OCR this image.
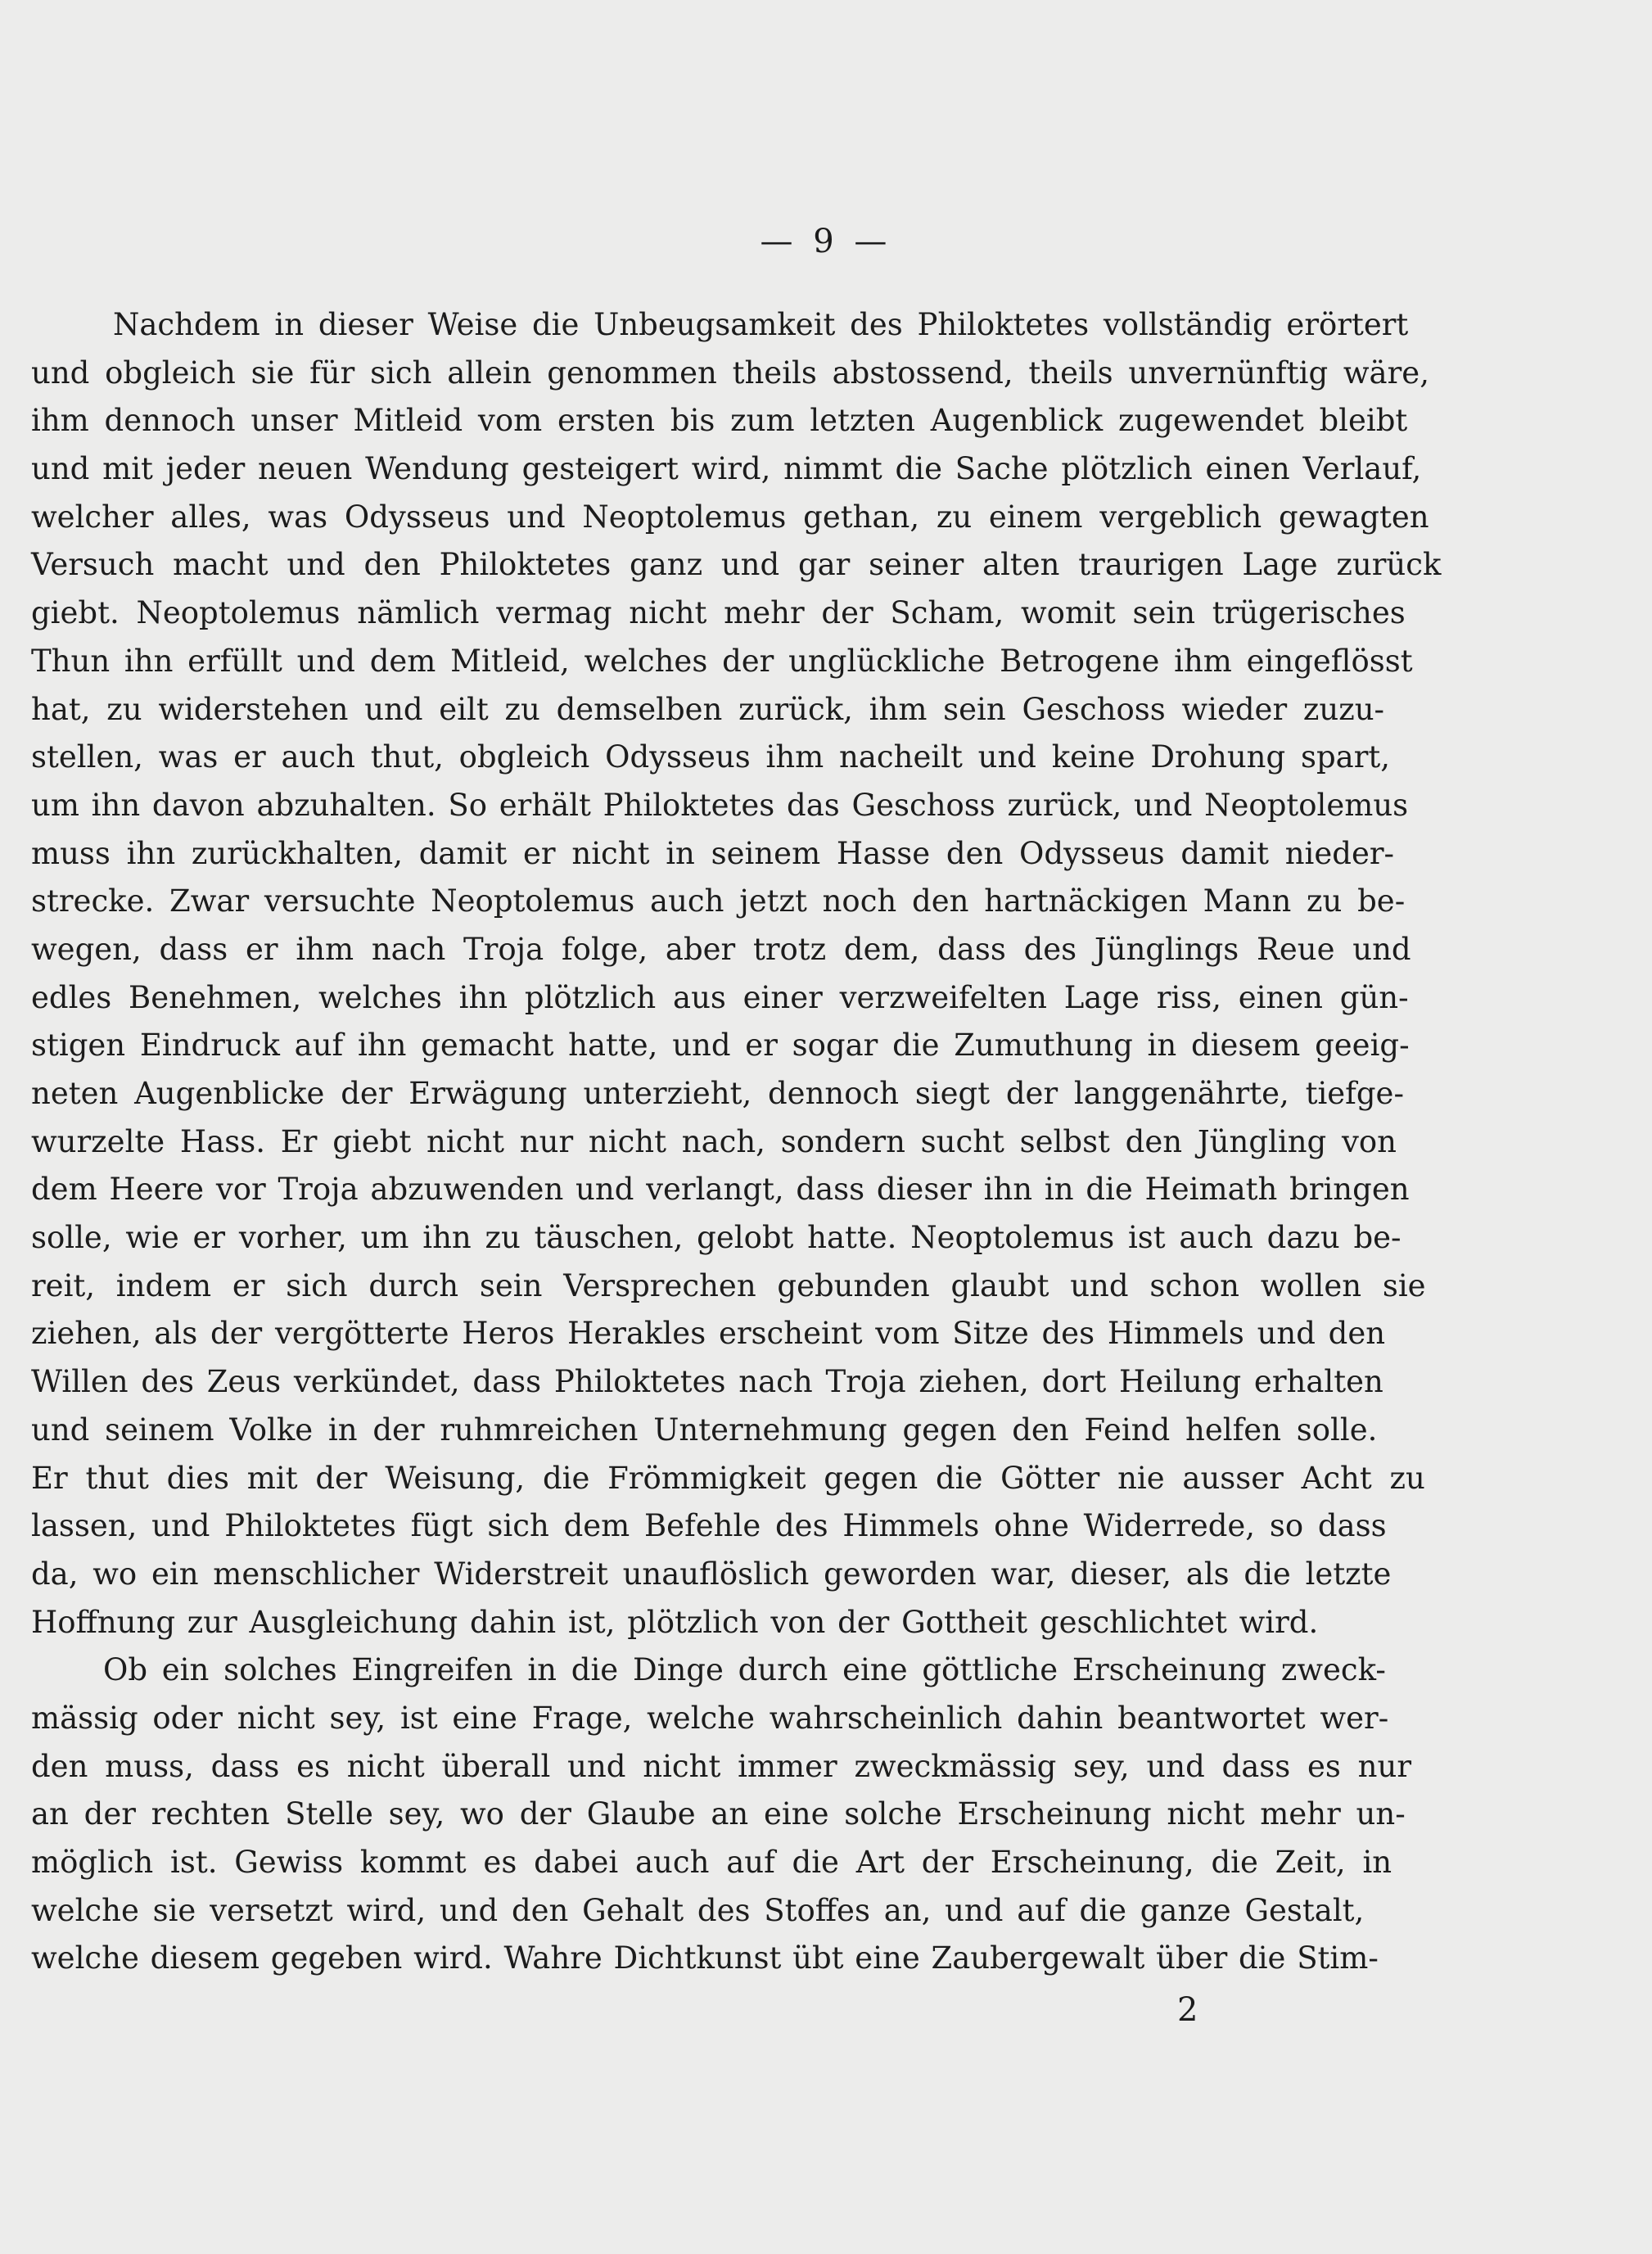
— 9 —
Nachdem in dieser Weise die Unbeugsamkeit des Philoktetes vollständig erörtert
und obgleich sie für sich allein genommen theils abstossend, theils unvernünftig wäre,
ihm dennoch unser Mitleid vom ersten bis zum letzten Augenblick zugewendet bleibt
und mit jeder neuen Wendung gesteigert wird, nimmt die Sache plötzlich einen Verlauf,
welcher alles, was Odysseus und Neoptolemus gethan, zu einem vergeblich gewagten
Versuch macht und den Philoktetes ganz und gar seiner alten traurigen Lage zurück
giebt. Neoptolemus nämlich vermag nicht mehr der Scham, womit sein trügerisches
Thun ihn erfüllt und dem Mitleid, welches der unglückliche Betrogene ihm eingeflösst
hat, zu widerstehen und eilt zu demselben zurück, ihm sein Geschoss wieder zuzu-
stellen, was er auch thut, obgleich Odysseus ihm nacheilt und keine Drohung spart,
um ihn davon abzuhalten. So erhält Philoktetes das Geschoss zurück, und Neoptolemus
muss ihn zurückhalten, damit er nicht in seinem Hasse den Odysseus damit nieder-
strecke. Zwar versuchte Neoptolemus auch jetzt noch den hartnäckigen Mann zu be-
wegen, dass er ihm nach Troja folge, aber trotz dem, dass des Jünglings Reue und
edles Benehmen, welches ihn plötzlich aus einer verzweifelten Lage riss, einen gün-
stigen Eindruck auf ihn gemacht hatte, und er sogar die Zumuthung in diesem geeig-
neten Augenblicke der Erwägung unterzieht, dennoch siegt der langgenährte, tiefge-
wurzelte Hass. Er giebt nicht nur nicht nach, sondern sucht selbst den Jüngling von
dem Heere vor Troja abzuwenden und verlangt, dass dieser ihn in die Heimath bringen
solle, wie er vorher, um ihn zu täuschen, gelobt hatte. Neoptolemus ist auch dazu be-
reit, indem er sich durch sein Versprechen gebunden glaubt und schon wollen sie
ziehen, als der vergötterte Heros Herakles erscheint vom Sitze des Himmels und den
Willen des Zeus verkündet, dass Philoktetes nach Troja ziehen, dort Heilung erhalten
und seinem Volke in der ruhmreichen Unternehmung gegen den Feind helfen solle.
Er thut dies mit der Weisung, die Frömmigkeit gegen die Götter nie ausser Acht zu
lassen, und Philoktetes fügt sich dem Befehle des Himmels ohne Widerrede, so dass
da, wo ein menschlicher Widerstreit unauflöslich geworden war, dieser, als die letzte
Hoffnung zur Ausgleichung dahin ist, plötzlich von der Gottheit geschlichtet wird.
Ob ein solches Eingreifen in die Dinge durch eine göttliche Erscheinung zweck-
mässig oder nicht sey, ist eine Frage, welche wahrscheinlich dahin beantwortet wer-
den muss, dass es nicht überall und nicht immer zweckmässig sey, und dass es nur
an der rechten Stelle sey, wo der Glaube an eine solche Erscheinung nicht mehr un-
möglich ist. Gewiss kommt es dabei auch auf die Art der Erscheinung, die Zeit, in
welche sie versetzt wird, und den Gehalt des Stoffes an, und auf die ganze Gestalt,
welche diesem gegeben wird. Wahre Dichtkunst übt eine Zaubergewalt über die Stim-
2
